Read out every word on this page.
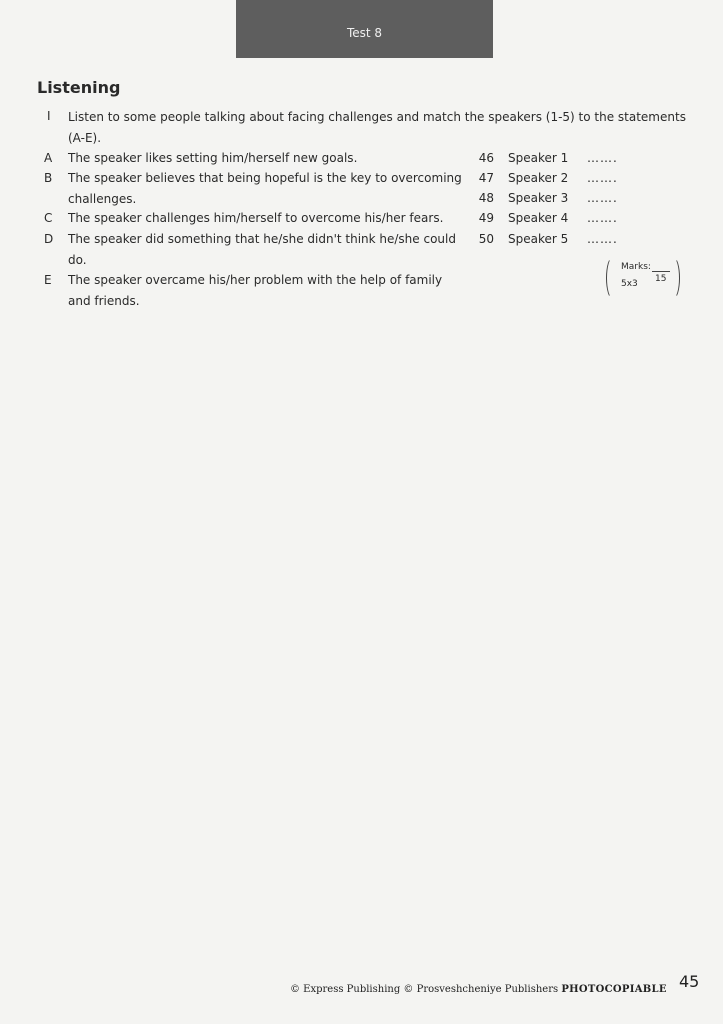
Test 8
Listening
I Listen to some people talking about facing challenges and match the speakers (1-5) to the statements (A-E).

A The speaker likes setting him/herself new goals.
B The speaker believes that being hopeful is the key to overcoming challenges.
C The speaker challenges him/herself to overcome his/her fears.
D The speaker did something that he/she didn't think he/she could do.
E The speaker overcame his/her problem with the help of family and friends.
46 Speaker 1 …….
47 Speaker 2 …….
48 Speaker 3 …….
49 Speaker 4 …….
50 Speaker 5 …….
Marks:
5x3 15
© Express Publishing © Prosveshcheniye Publishers PHOTOCOPIABLE 45
